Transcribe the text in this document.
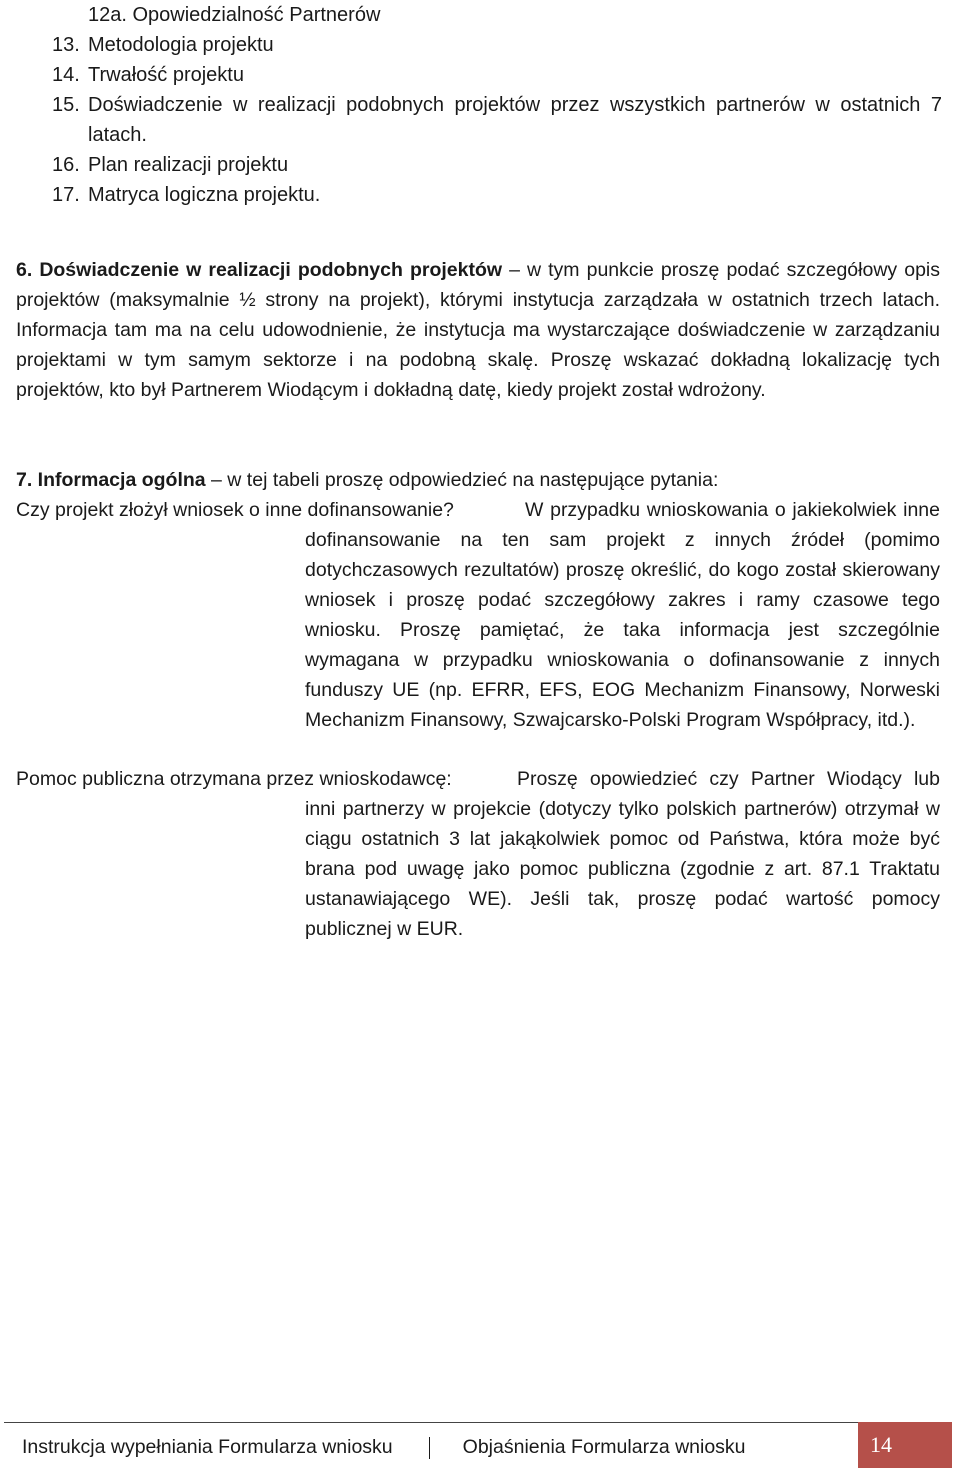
12a. Opowiedzialność Partnerów
13. Metodologia projektu
14. Trwałość projektu
15. Doświadczenie w realizacji podobnych projektów przez wszystkich partnerów w ostatnich 7 latach.
16. Plan realizacji projektu
17. Matryca logiczna projektu.
6. Doświadczenie w realizacji podobnych projektów – w tym punkcie proszę podać szczegółowy opis projektów (maksymalnie ½ strony na projekt), którymi instytucja zarządzała w ostatnich trzech latach. Informacja tam ma na celu udowodnienie, że instytucja ma wystarczające doświadczenie w zarządzaniu projektami w tym samym sektorze i na podobną skalę. Proszę wskazać dokładną lokalizację tych projektów, kto był Partnerem Wiodącym i dokładną datę, kiedy projekt został wdrożony.
7. Informacja ogólna – w tej tabeli proszę odpowiedzieć na następujące pytania:
Czy projekt złożył wniosek o inne dofinansowanie?	W przypadku wnioskowania o jakiekolwiek inne dofinansowanie na ten sam projekt z innych źródeł (pomimo dotychczasowych rezultatów) proszę określić, do kogo został skierowany wniosek i proszę podać szczegółowy zakres i ramy czasowe tego wniosku. Proszę pamiętać, że taka informacja jest szczególnie wymagana w przypadku wnioskowania o dofinansowanie z innych funduszy UE (np. EFRR, EFS, EOG Mechanizm Finansowy, Norweski Mechanizm Finansowy, Szwajcarsko-Polski Program Współpracy, itd.).
Pomoc publiczna otrzymana przez wnioskodawcę:	Proszę opowiedzieć czy Partner Wiodący lub inni partnerzy w projekcie (dotyczy tylko polskich partnerów) otrzymał w ciągu ostatnich 3 lat jakąkolwiek pomoc od Państwa, która może być brana pod uwagę jako pomoc publiczna (zgodnie z art. 87.1 Traktatu ustanawiającego WE). Jeśli tak, proszę podać wartość pomocy publicznej w EUR.
Instrukcja wypełniania Formularza wniosku	Objaśnienia Formularza wniosku	14
